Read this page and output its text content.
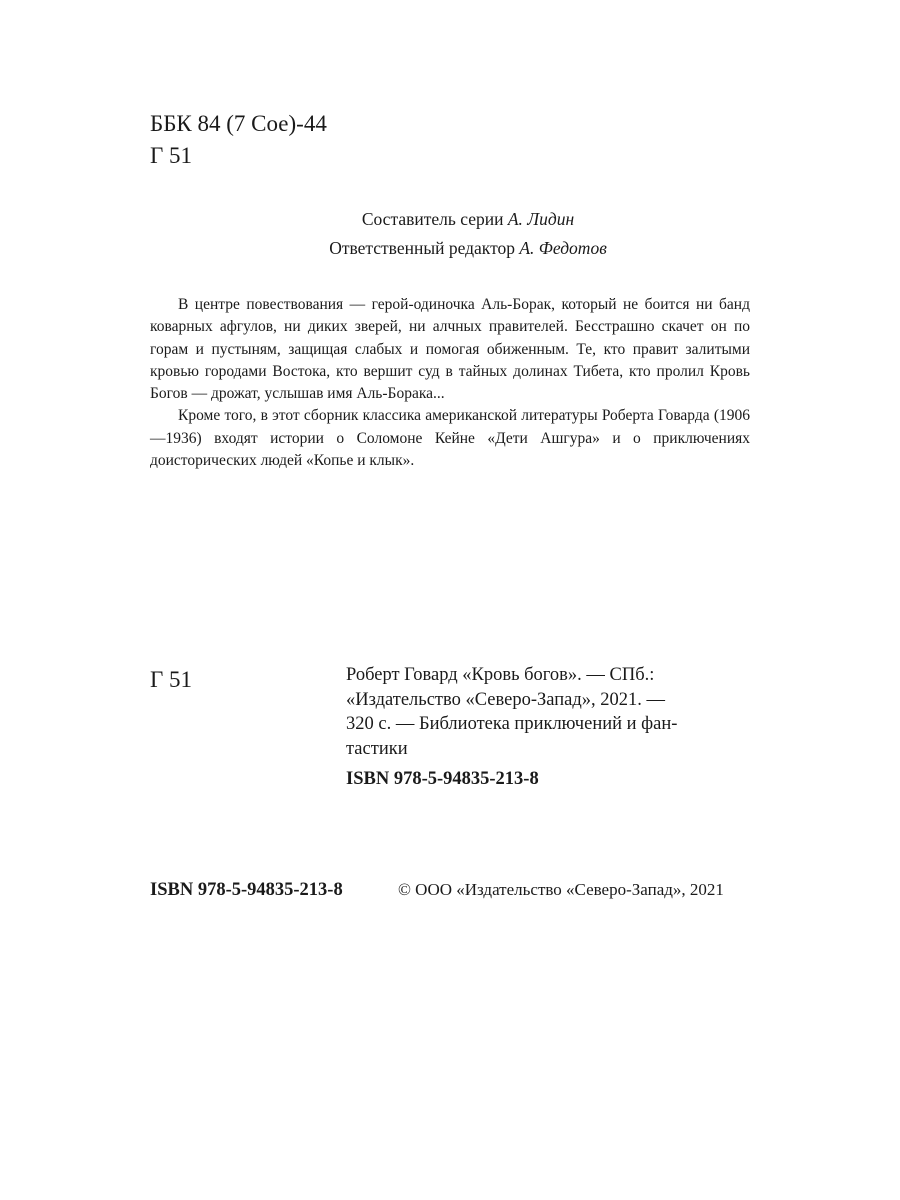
ББК 84 (7 Сое)-44
Г 51
Составитель серии А. Лидин
Ответственный редактор А. Федотов

В центре повествования — герой-одиночка Аль-Борак, который не боится ни банд коварных афгулов, ни диких зверей, ни алчных правителей. Бесстрашно скачет он по горам и пустыням, защищая слабых и помогая обиженным. Те, кто правит залитыми кровью городами Востока, кто вершит суд в тайных долинах Тибета, кто пролил Кровь Богов — дрожат, услышав имя Аль-Борака...

Кроме того, в этот сборник классика американской литературы Роберта Говарда (1906—1936) входят истории о Соломоне Кейне «Дети Ашгура» и о приключениях доисторических людей «Копье и клык».

Г 51	Роберт Говард «Кровь богов». — СПб.:
«Издательство «Северо-Запад», 2021. —
320 с. — Библиотека приключений и фан-
тастики
ISBN 978-5-94835-213-8
ISBN 978-5-94835-213-8	© ООО «Издательство «Северо-Запад», 2021
